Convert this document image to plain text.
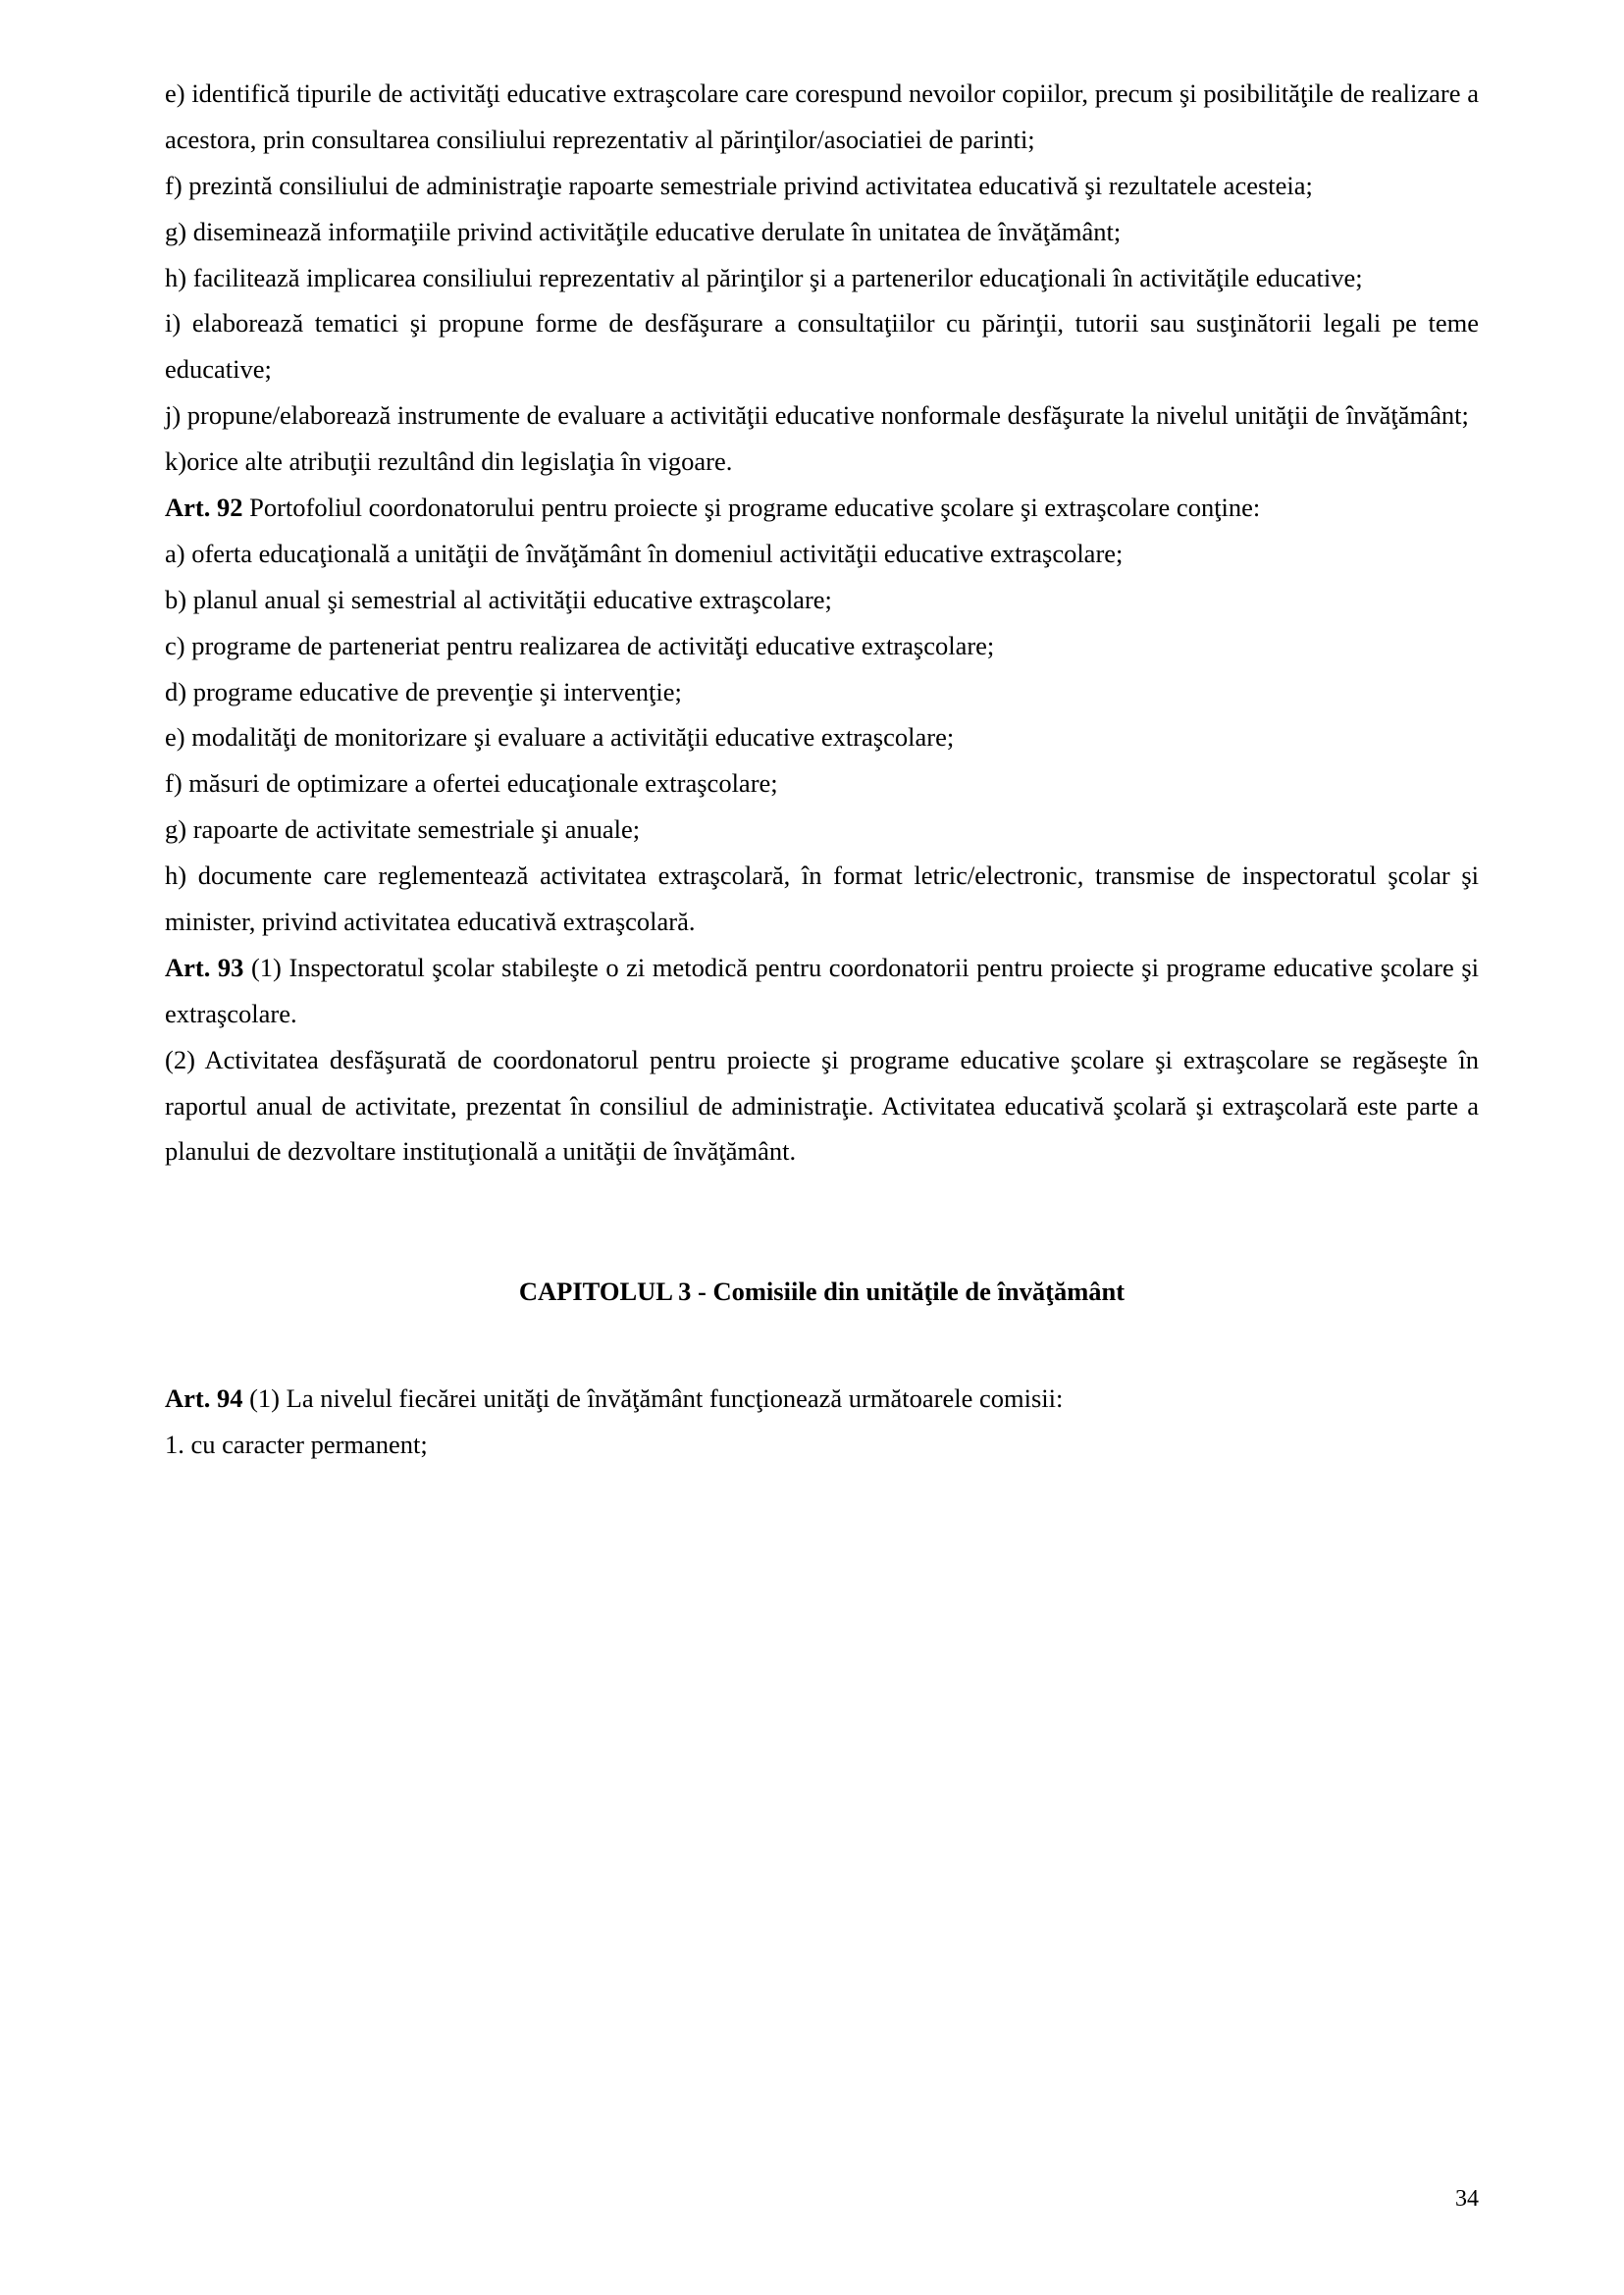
e) identifică tipurile de activităţi educative extraşcolare care corespund nevoilor copiilor, precum şi posibilităţile de realizare a acestora, prin consultarea consiliului reprezentativ al părinţilor/asociatiei de parinti;

f) prezintă consiliului de administraţie rapoarte semestriale privind activitatea educativă şi rezultatele acesteia;

g) diseminează informaţiile privind activităţile educative derulate în unitatea de învăţământ;

h) facilitează implicarea consiliului reprezentativ al părinţilor şi a partenerilor educaţionali în activităţile educative;

i) elaborează tematici şi propune forme de desfăşurare a consultaţiilor cu părinţii, tutorii sau susţinătorii legali pe teme educative;

j) propune/elaborează instrumente de evaluare a activităţii educative nonformale desfăşurate la nivelul unităţii de învăţământ;

k)orice alte atribuţii rezultând din legislaţia în vigoare.

Art. 92 Portofoliul coordonatorului pentru proiecte şi programe educative şcolare şi extraşcolare conţine:

a) oferta educaţională a unităţii de învăţământ în domeniul activităţii educative extraşcolare;

b) planul anual şi semestrial al activităţii educative extraşcolare;

c) programe de parteneriat pentru realizarea de activităţi educative extraşcolare;

d) programe educative de prevenţie şi intervenţie;

e) modalităţi de monitorizare şi evaluare a activităţii educative extraşcolare;

f) măsuri de optimizare a ofertei educaţionale extraşcolare;

g) rapoarte de activitate semestriale şi anuale;

h) documente care reglementează activitatea extraşcolară, în format letric/electronic, transmise de inspectoratul şcolar şi minister, privind activitatea educativă extraşcolară.

Art. 93 (1) Inspectoratul şcolar stabileşte o zi metodică pentru coordonatorii pentru proiecte şi programe educative şcolare şi extraşcolare.

(2) Activitatea desfăşurată de coordonatorul pentru proiecte şi programe educative şcolare şi extraşcolare se regăseşte în raportul anual de activitate, prezentat în consiliul de administraţie. Activitatea educativă şcolară şi extraşcolară este parte a planului de dezvoltare instituţională a unităţii de învăţământ.

CAPITOLUL 3 - Comisiile din unităţile de învăţământ

Art. 94 (1) La nivelul fiecărei unităţi de învăţământ funcţionează următoarele comisii:

1. cu caracter permanent;

34
